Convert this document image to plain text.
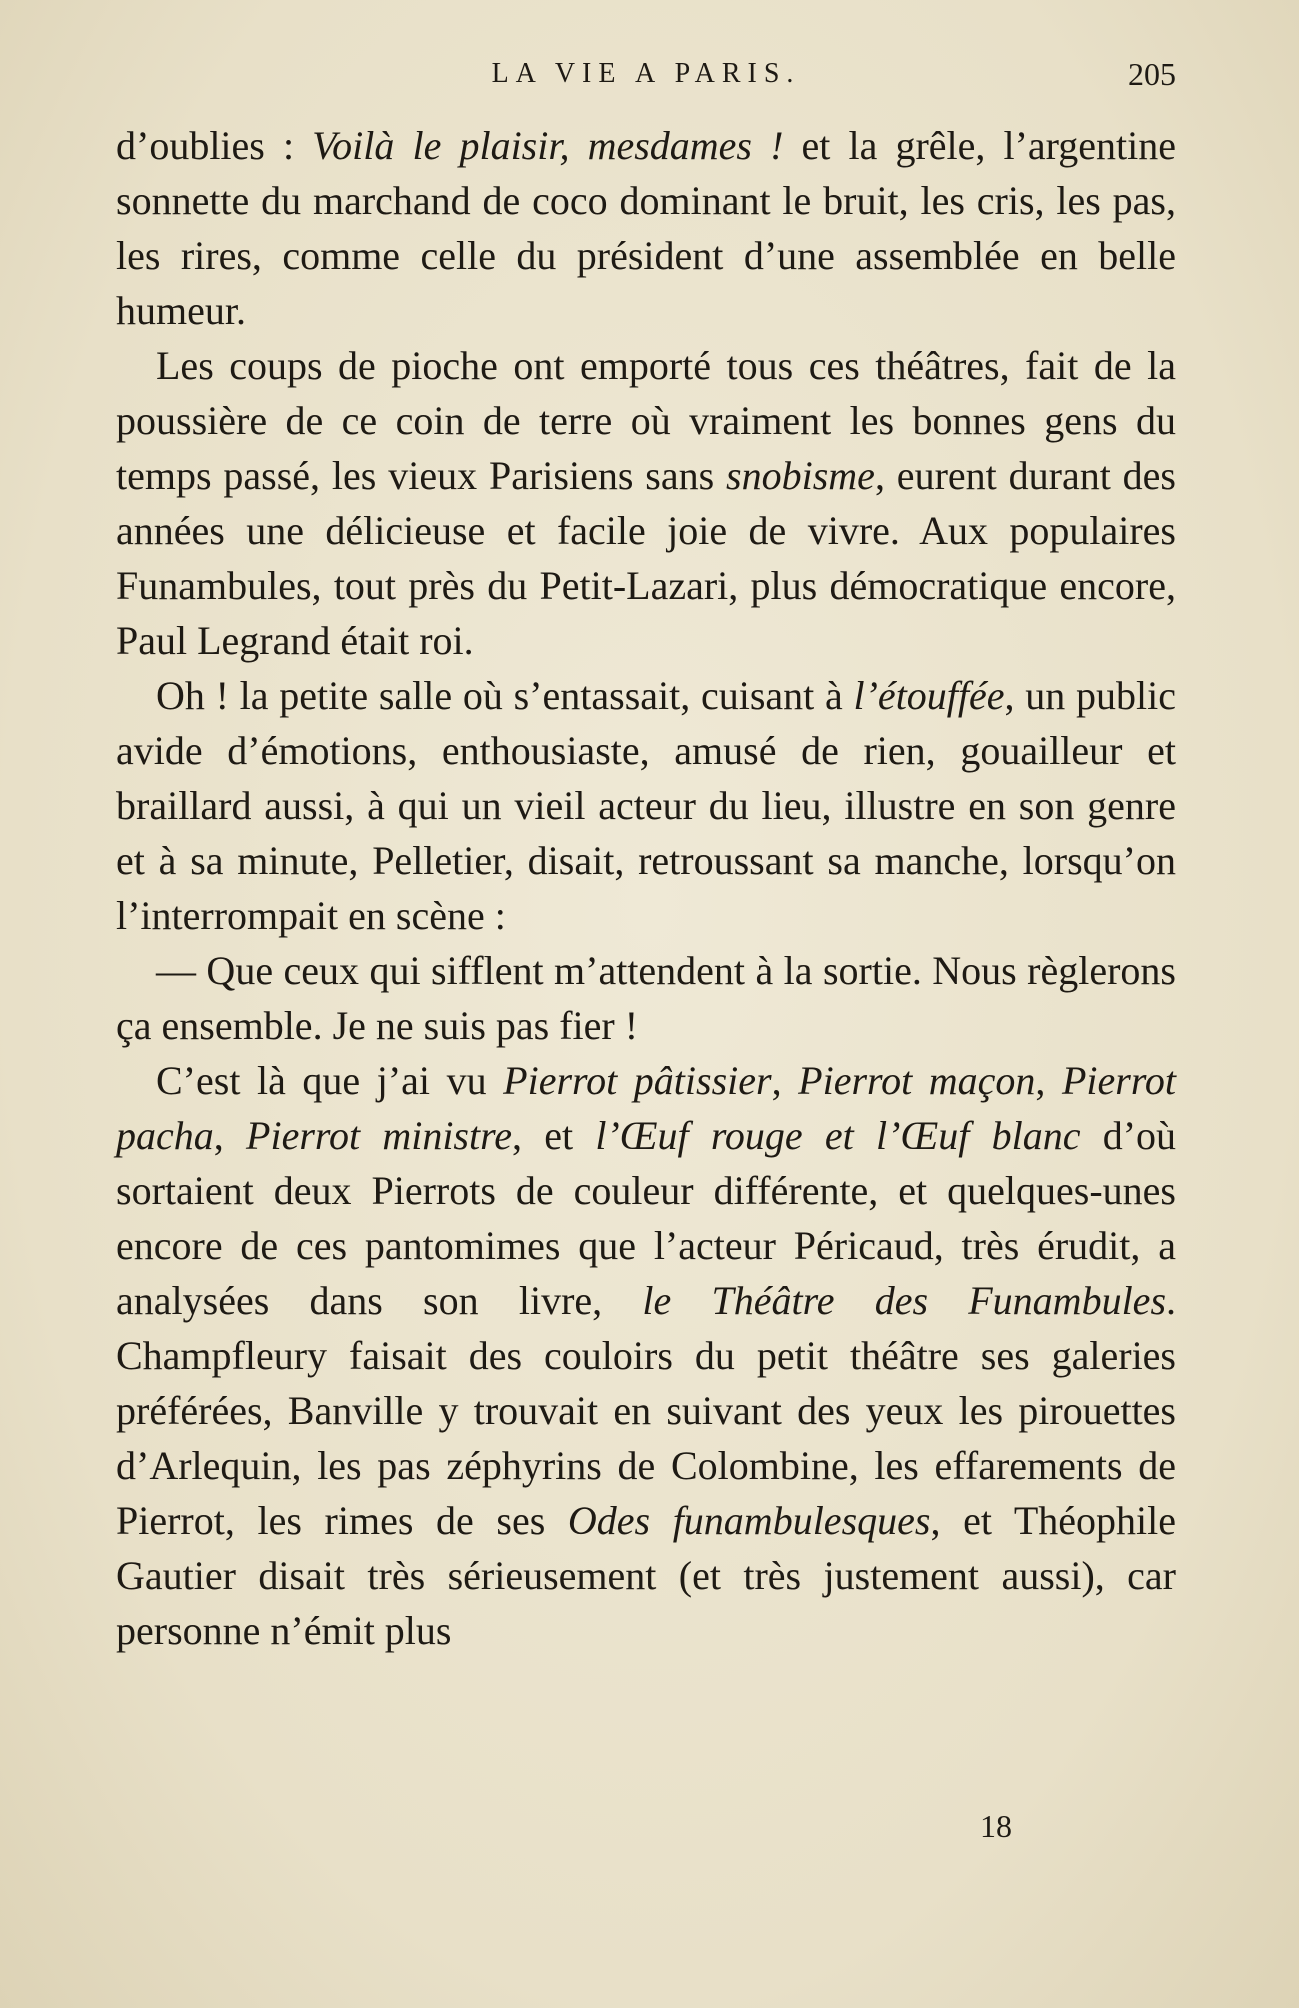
LA VIE A PARIS.	205

d’oublies : Voilà le plaisir, mesdames ! et la grêle, l’argentine sonnette du marchand de coco dominant le bruit, les cris, les pas, les rires, comme celle du président d’une assemblée en belle humeur.

Les coups de pioche ont emporté tous ces théâtres, fait de la poussière de ce coin de terre où vraiment les bonnes gens du temps passé, les vieux Parisiens sans snobisme, eurent durant des années une délicieuse et facile joie de vivre. Aux populaires Funambules, tout près du Petit-Lazari, plus démocratique encore, Paul Legrand était roi.

Oh ! la petite salle où s’entassait, cuisant à l’étouffée, un public avide d’émotions, enthousiaste, amusé de rien, gouailleur et braillard aussi, à qui un vieil acteur du lieu, illustre en son genre et à sa minute, Pelletier, disait, retroussant sa manche, lorsqu’on l’interrompait en scène :

— Que ceux qui sifflent m’attendent à la sortie. Nous règlerons ça ensemble. Je ne suis pas fier !

C’est là que j’ai vu Pierrot pâtissier, Pierrot maçon, Pierrot pacha, Pierrot ministre, et l’Œuf rouge et l’Œuf blanc d’où sortaient deux Pierrots de couleur différente, et quelques-unes encore de ces pantomimes que l’acteur Péricaud, très érudit, a analysées dans son livre, le Théâtre des Funambules. Champfleury faisait des couloirs du petit théâtre ses galeries préférées, Banville y trouvait en suivant des yeux les pirouettes d’Arlequin, les pas zéphyrins de Colombine, les effarements de Pierrot, les rimes de ses Odes funambulesques, et Théophile Gautier disait très sérieusement (et très justement aussi), car personne n’émit plus

18
